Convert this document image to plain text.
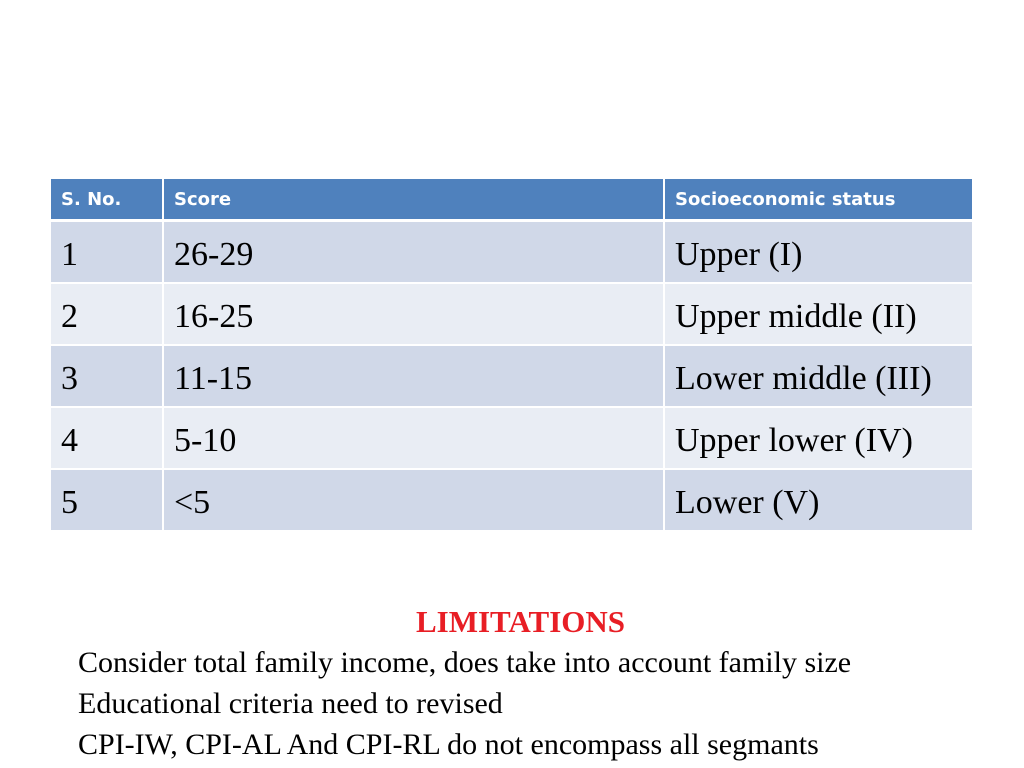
S. No.	Score	Socioeconomic status
1	26-29	Upper (I)
2	16-25	Upper middle (II)
3	11-15	Lower middle (III)
4	5-10	Upper lower (IV)
5	<5	Lower (V)
LIMITATIONS
Consider total family income, does take into account family size
Educational criteria need to revised
CPI-IW, CPI-AL And CPI-RL do not encompass all segmants
